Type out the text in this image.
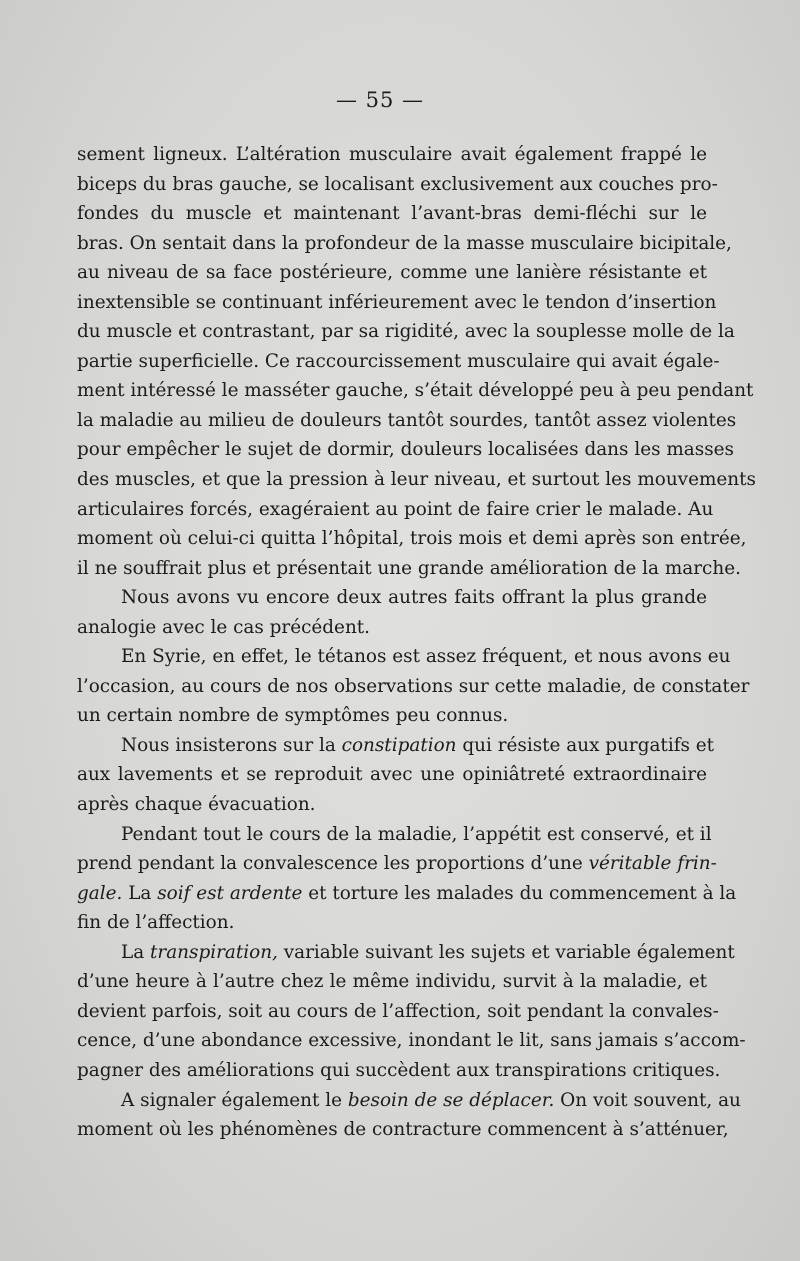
— 55 —
sement ligneux. L’altération musculaire avait également frappé le
biceps du bras gauche, se localisant exclusivement aux couches pro-
fondes du muscle et maintenant l’avant-bras demi-fléchi sur le
bras. On sentait dans la profondeur de la masse musculaire bicipitale,
au niveau de sa face postérieure, comme une lanière résistante et
inextensible se continuant inférieurement avec le tendon d’insertion
du muscle et contrastant, par sa rigidité, avec la souplesse molle de la
partie superficielle. Ce raccourcissement musculaire qui avait égale-
ment intéressé le masséter gauche, s’était développé peu à peu pendant
la maladie au milieu de douleurs tantôt sourdes, tantôt assez violentes
pour empêcher le sujet de dormir, douleurs localisées dans les masses
des muscles, et que la pression à leur niveau, et surtout les mouvements
articulaires forcés, exagéraient au point de faire crier le malade. Au
moment où celui-ci quitta l’hôpital, trois mois et demi après son entrée,
il ne souffrait plus et présentait une grande amélioration de la marche.
Nous avons vu encore deux autres faits offrant la plus grande
analogie avec le cas précédent.
En Syrie, en effet, le tétanos est assez fréquent, et nous avons eu
l’occasion, au cours de nos observations sur cette maladie, de constater
un certain nombre de symptômes peu connus.
Nous insisterons sur la constipation qui résiste aux purgatifs et
aux lavements et se reproduit avec une opiniâtreté extraordinaire
après chaque évacuation.
Pendant tout le cours de la maladie, l’appétit est conservé, et il
prend pendant la convalescence les proportions d’une véritable frin-
gale. La soif est ardente et torture les malades du commencement à la
fin de l’affection.
La transpiration, variable suivant les sujets et variable également
d’une heure à l’autre chez le même individu, survit à la maladie, et
devient parfois, soit au cours de l’affection, soit pendant la convales-
cence, d’une abondance excessive, inondant le lit, sans jamais s’accom-
pagner des améliorations qui succèdent aux transpirations critiques.
A signaler également le besoin de se déplacer. On voit souvent, au
moment où les phénomènes de contracture commencent à s’atténuer,
